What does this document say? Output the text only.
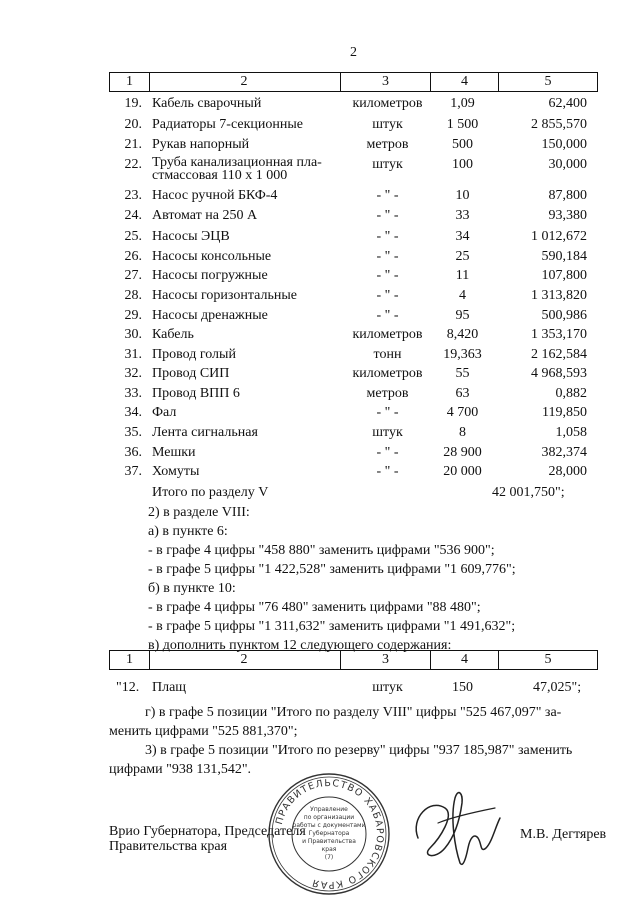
2
1	2	3	4	5
19. Кабель сварочный	километров	1,09	62,400
20. Радиаторы 7-секционные	штук	1 500	2 855,570
21. Рукав напорный	метров	500	150,000
22. Труба канализационная пла-
стмассовая 110 х 1 000
штук	100	30,000
23. Насос ручной БКФ-4	- " -	10	87,800
24. Автомат на 250 А	- " -	33	93,380
25. Насосы ЭЦВ	- " -	34	1 012,672
26. Насосы консольные	- " -	25	590,184
27. Насосы погружные	- " -	11	107,800
28. Насосы горизонтальные	- " -	4	1 313,820
29. Насосы дренажные	- " -	95	500,986
30. Кабель	километров	8,420	1 353,170
31. Провод голый	тонн	19,363	2 162,584
32. Провод СИП	километров	55	4 968,593
33. Провод ВПП 6	метров	63	0,882
34. Фал	- " -	4 700	119,850
35. Лента сигнальная	штук	8	1,058
36. Мешки	- " -	28 900	382,374
37. Хомуты	- " -	20 000	28,000
Итого по разделу V	42 001,750";
2) в разделе VIII:
а) в пункте 6:
- в графе 4 цифры "458 880" заменить цифрами "536 900";
- в графе 5 цифры "1 422,528" заменить цифрами "1 609,776";
б) в пункте 10:
- в графе 4 цифры "76 480" заменить цифрами "88 480";
- в графе 5 цифры "1 311,632" заменить цифрами "1 491,632";
в) дополнить пунктом 12 следующего содержания:
1	2	3	4	5
"12. Плащ	штук	150	47,025";
г) в графе 5 позиции "Итого по разделу VIII" цифры "525 467,097" за-
менить цифрами "525 881,370";
3) в графе 5 позиции "Итого по резерву" цифры "937 185,987" заменить
цифрами "938 131,542".
ПРАВИТЕЛЬСТВО ХАБАРОВСКОГО КРАЯ
Управление
по организации
работы с документами
Губернатора
и Правительства
края
(7)
Врио Губернатора, Председателя
Правительства края
М.В. Дегтярев
